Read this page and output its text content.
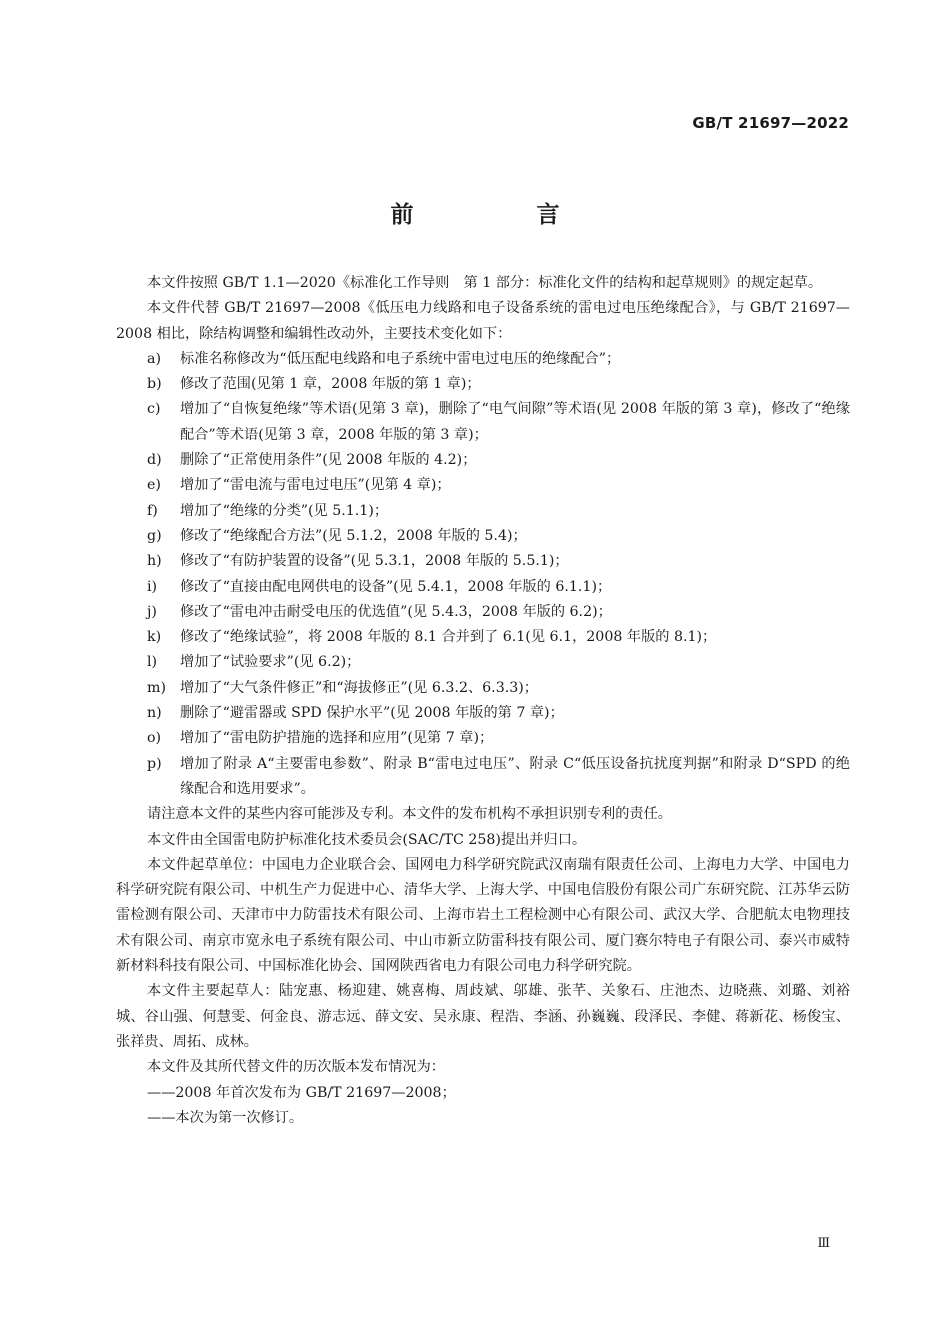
GB/T 21697—2022
前　言

本文件按照 GB/T 1.1—2020《标准化工作导则　第 1 部分：标准化文件的结构和起草规则》的规定起草。

本文件代替 GB/T 21697—2008《低压电力线路和电子设备系统的雷电过电压绝缘配合》，与 GB/T 21697—2008 相比，除结构调整和编辑性改动外，主要技术变化如下：

a) 标准名称修改为“低压配电线路和电子系统中雷电过电压的绝缘配合”；

b) 修改了范围(见第 1 章，2008 年版的第 1 章)；

c) 增加了“自恢复绝缘”等术语(见第 3 章)，删除了“电气间隙”等术语(见 2008 年版的第 3 章)，修改了“绝缘配合”等术语(见第 3 章，2008 年版的第 3 章)；

d) 删除了“正常使用条件”(见 2008 年版的 4.2)；

e) 增加了“雷电流与雷电过电压”(见第 4 章)；

f) 增加了“绝缘的分类”(见 5.1.1)；

g) 修改了“绝缘配合方法”(见 5.1.2，2008 年版的 5.4)；

h) 修改了“有防护装置的设备”(见 5.3.1，2008 年版的 5.5.1)；

i) 修改了“直接由配电网供电的设备”(见 5.4.1，2008 年版的 6.1.1)；

j) 修改了“雷电冲击耐受电压的优选值”(见 5.4.3，2008 年版的 6.2)；

k) 修改了“绝缘试验”，将 2008 年版的 8.1 合并到了 6.1(见 6.1，2008 年版的 8.1)；

l) 增加了“试验要求”(见 6.2)；

m) 增加了“大气条件修正”和“海拔修正”(见 6.3.2、6.3.3)；

n) 删除了“避雷器或 SPD 保护水平”(见 2008 年版的第 7 章)；

o) 增加了“雷电防护措施的选择和应用”(见第 7 章)；

p) 增加了附录 A“主要雷电参数”、附录 B“雷电过电压”、附录 C“低压设备抗扰度判据”和附录 D“SPD 的绝缘配合和选用要求”。

请注意本文件的某些内容可能涉及专利。本文件的发布机构不承担识别专利的责任。

本文件由全国雷电防护标准化技术委员会(SAC/TC 258)提出并归口。

本文件起草单位：中国电力企业联合会、国网电力科学研究院武汉南瑞有限责任公司、上海电力大学、中国电力科学研究院有限公司、中机生产力促进中心、清华大学、上海大学、中国电信股份有限公司广东研究院、江苏华云防雷检测有限公司、天津市中力防雷技术有限公司、上海市岩土工程检测中心有限公司、武汉大学、合肥航太电物理技术有限公司、南京市宽永电子系统有限公司、中山市新立防雷科技有限公司、厦门赛尔特电子有限公司、泰兴市威特新材料科技有限公司、中国标准化协会、国网陕西省电力有限公司电力科学研究院。

本文件主要起草人：陆宠惠、杨迎建、姚喜梅、周歧斌、邬雄、张芊、关象石、庄池杰、边晓燕、刘璐、刘裕城、谷山强、何慧雯、何金良、游志远、薛文安、吴永康、程浩、李涵、孙巍巍、段泽民、李健、蒋新花、杨俊宝、张祥贵、周拓、成林。

本文件及其所代替文件的历次版本发布情况为：

——2008 年首次发布为 GB/T 21697—2008；

——本次为第一次修订。

Ⅲ
